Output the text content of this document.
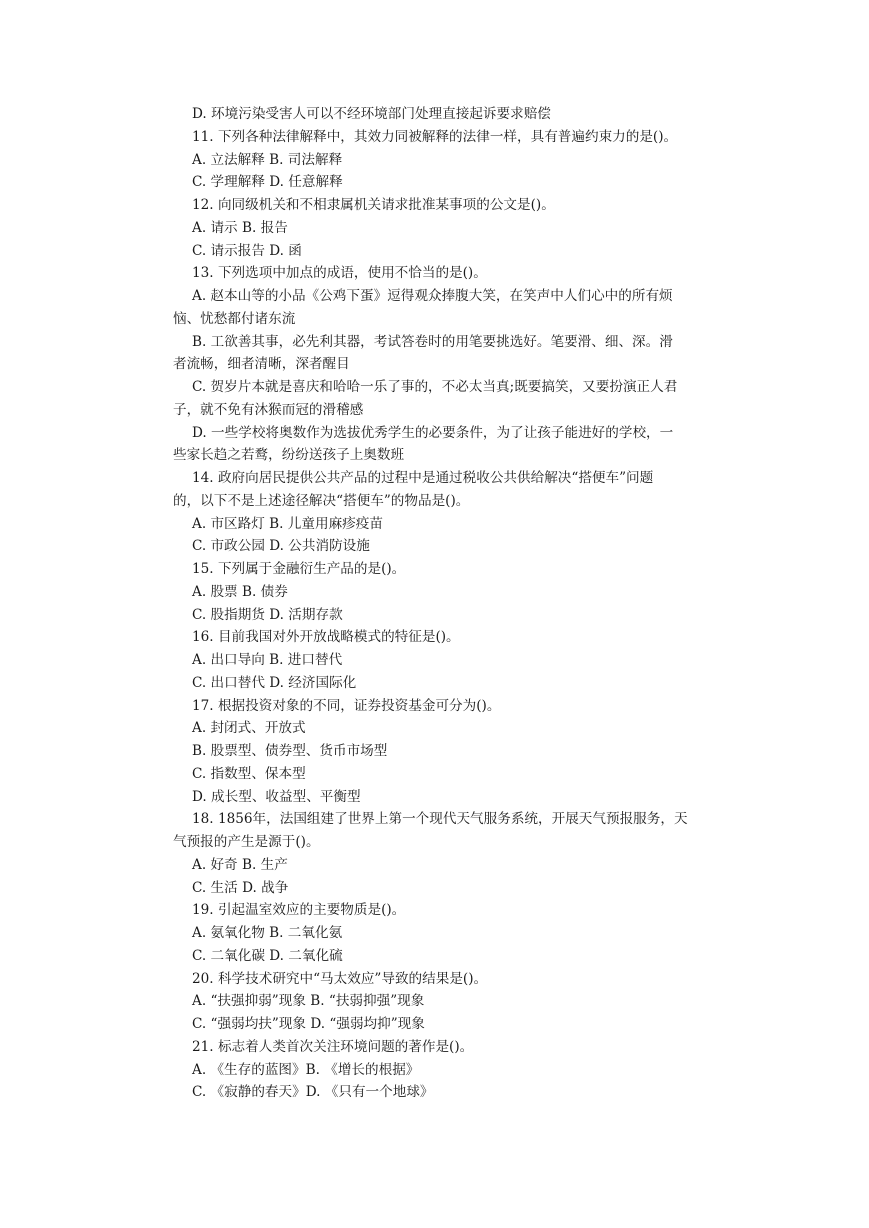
D. 环境污染受害人可以不经环境部门处理直接起诉要求赔偿
11. 下列各种法律解释中，其效力同被解释的法律一样，具有普遍约束力的是()。
A. 立法解释 B. 司法解释
C. 学理解释 D. 任意解释
12. 向同级机关和不相隶属机关请求批准某事项的公文是()。
A. 请示 B. 报告
C. 请示报告 D. 函
13. 下列选项中加点的成语，使用不恰当的是()。
A. 赵本山等的小品《公鸡下蛋》逗得观众捧腹大笑，在笑声中人们心中的所有烦
恼、忧愁都付诸东流
B. 工欲善其事，必先利其器，考试答卷时的用笔要挑选好。笔要滑、细、深。滑
者流畅，细者清晰，深者醒目
C. 贺岁片本就是喜庆和哈哈一乐了事的，不必太当真;既要搞笑，又要扮演正人君
子，就不免有沐猴而冠的滑稽感
D. 一些学校将奥数作为选拔优秀学生的必要条件，为了让孩子能进好的学校，一
些家长趋之若鹜，纷纷送孩子上奥数班
14. 政府向居民提供公共产品的过程中是通过税收公共供给解决“搭便车”问题
的，以下不是上述途径解决“搭便车”的物品是()。
A. 市区路灯 B. 儿童用麻疹疫苗
C. 市政公园 D. 公共消防设施
15. 下列属于金融衍生产品的是()。
A. 股票 B. 债券
C. 股指期货 D. 活期存款
16. 目前我国对外开放战略模式的特征是()。
A. 出口导向 B. 进口替代
C. 出口替代 D. 经济国际化
17. 根据投资对象的不同，证券投资基金可分为()。
A. 封闭式、开放式
B. 股票型、债券型、货币市场型
C. 指数型、保本型
D. 成长型、收益型、平衡型
18. 1856年，法国组建了世界上第一个现代天气服务系统，开展天气预报服务，天
气预报的产生是源于()。
A. 好奇 B. 生产
C. 生活 D. 战争
19. 引起温室效应的主要物质是()。
A. 氨氧化物 B. 二氧化氨
C. 二氧化碳 D. 二氧化硫
20. 科学技术研究中“马太效应”导致的结果是()。
A. “扶强抑弱”现象 B. “扶弱抑强”现象
C. “强弱均扶”现象 D. “强弱均抑”现象
21. 标志着人类首次关注环境问题的著作是()。
A. 《生存的蓝图》B. 《增长的根据》
C. 《寂静的春天》D. 《只有一个地球》
